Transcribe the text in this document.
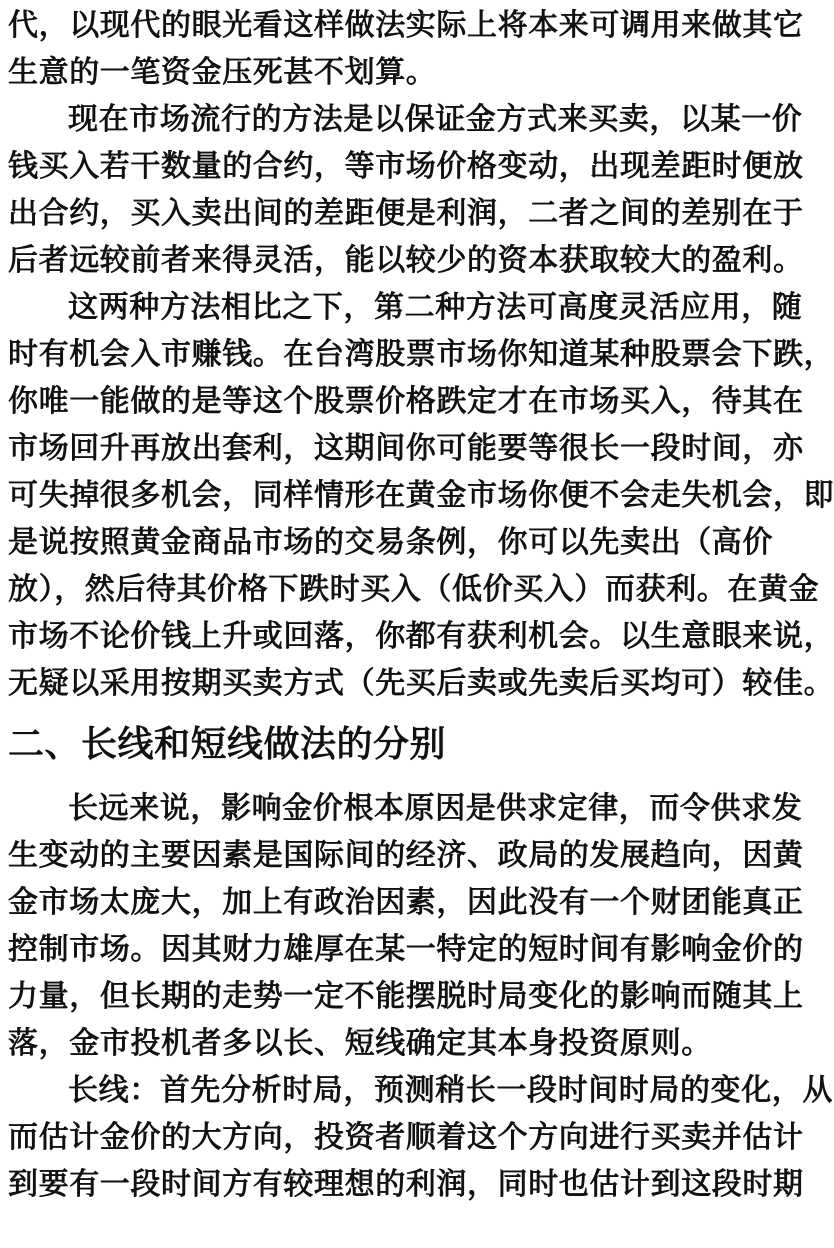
代，以现代的眼光看这样做法实际上将本来可调用来做其它
生意的一笔资金压死甚不划算。
现在市场流行的方法是以保证金方式来买卖，以某一价
钱买入若干数量的合约，等市场价格变动，出现差距时便放
出合约，买入卖出间的差距便是利润，二者之间的差别在于
后者远较前者来得灵活，能以较少的资本获取较大的盈利。
这两种方法相比之下，第二种方法可高度灵活应用，随
时有机会入市赚钱。在台湾股票市场你知道某种股票会下跌，
你唯一能做的是等这个股票价格跌定才在市场买入，待其在
市场回升再放出套利，这期间你可能要等很长一段时间，亦
可失掉很多机会，同样情形在黄金市场你便不会走失机会，即
是说按照黄金商品市场的交易条例，你可以先卖出（高价
放），然后待其价格下跌时买入（低价买入）而获利。在黄金
市场不论价钱上升或回落，你都有获利机会。以生意眼来说，
无疑以采用按期买卖方式（先买后卖或先卖后买均可）较佳。
二、长线和短线做法的分别
长远来说，影响金价根本原因是供求定律，而令供求发
生变动的主要因素是国际间的经济、政局的发展趋向，因黄
金市场太庞大，加上有政治因素，因此没有一个财团能真正
控制市场。因其财力雄厚在某一特定的短时间有影响金价的
力量，但长期的走势一定不能摆脱时局变化的影响而随其上
落，金市投机者多以长、短线确定其本身投资原则。
长线：首先分析时局，预测稍长一段时间时局的变化，从
而估计金价的大方向，投资者顺着这个方向进行买卖并估计
到要有一段时间方有较理想的利润，同时也估计到这段时期
